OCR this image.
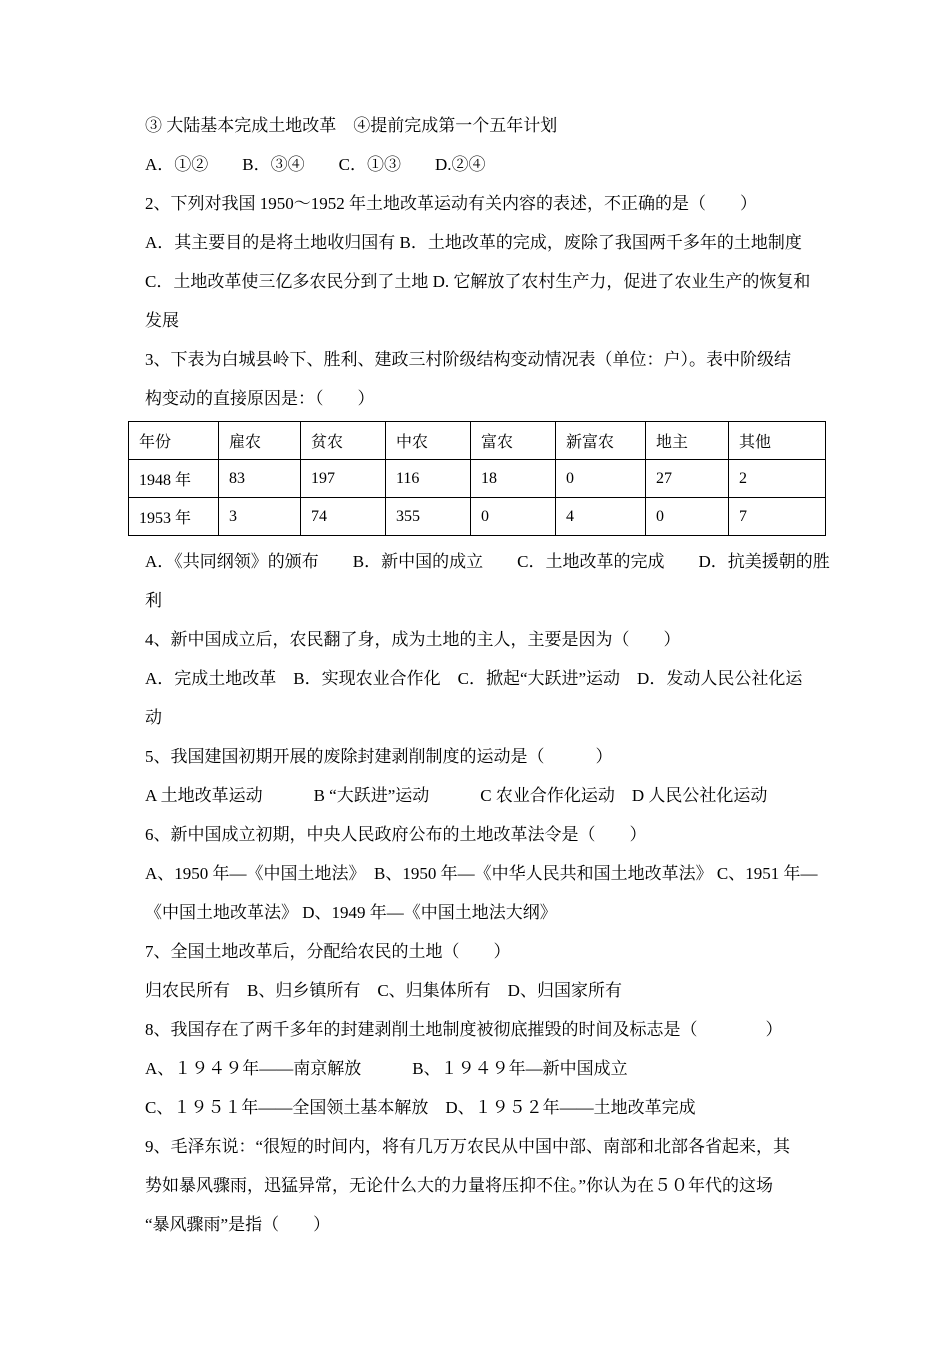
③ 大陆基本完成土地改革　④提前完成第一个五年计划
A．①②　　B．③④　　C．①③　　D.②④
2、下列对我国 1950～1952 年土地改革运动有关内容的表述，不正确的是（　　）
A．其主要目的是将土地收归国有 B．土地改革的完成，废除了我国两千多年的土地制度
C．土地改革使三亿多农民分到了土地 D. 它解放了农村生产力，促进了农业生产的恢复和
发展
3、下表为白城县岭下、胜利、建政三村阶级结构变动情况表（单位：户）。表中阶级结
构变动的直接原因是：（　　）
年份	雇农	贫农	中农	富农	新富农	地主	其他
1948 年	83	197	116	18	0	27	2
1953 年	3	74	355	0	4	0	7
A．《共同纲领》的颁布　　B．新中国的成立　　C．土地改革的完成　　D．抗美援朝的胜
利
4、新中国成立后，农民翻了身，成为土地的主人，主要是因为（　　）
A．完成土地改革　B．实现农业合作化　C．掀起“大跃进”运动　D．发动人民公社化运
动
5、我国建国初期开展的废除封建剥削制度的运动是（　　　）
A 土地改革运动　　　B “大跃进”运动　　　C 农业合作化运动　D 人民公社化运动
6、新中国成立初期，中央人民政府公布的土地改革法令是（　　）
A、1950 年—《中国土地法》　B、1950 年—《中华人民共和国土地改革法》 C、1951 年—
《中国土地改革法》 D、1949 年—《中国土地法大纲》
7、全国土地改革后，分配给农民的土地（　　）
归农民所有　B、归乡镇所有　C、归集体所有　D、归国家所有
8、我国存在了两千多年的封建剥削土地制度被彻底摧毁的时间及标志是（　　　　）
A、１９４９年——南京解放　　　B、１９４９年—新中国成立
C、１９５１年——全国领土基本解放　D、１９５２年——土地改革完成
9、毛泽东说：“很短的时间内，将有几万万农民从中国中部、南部和北部各省起来，其
势如暴风骤雨，迅猛异常，无论什么大的力量将压抑不住。”你认为在５０年代的这场
“暴风骤雨”是指（　　）
